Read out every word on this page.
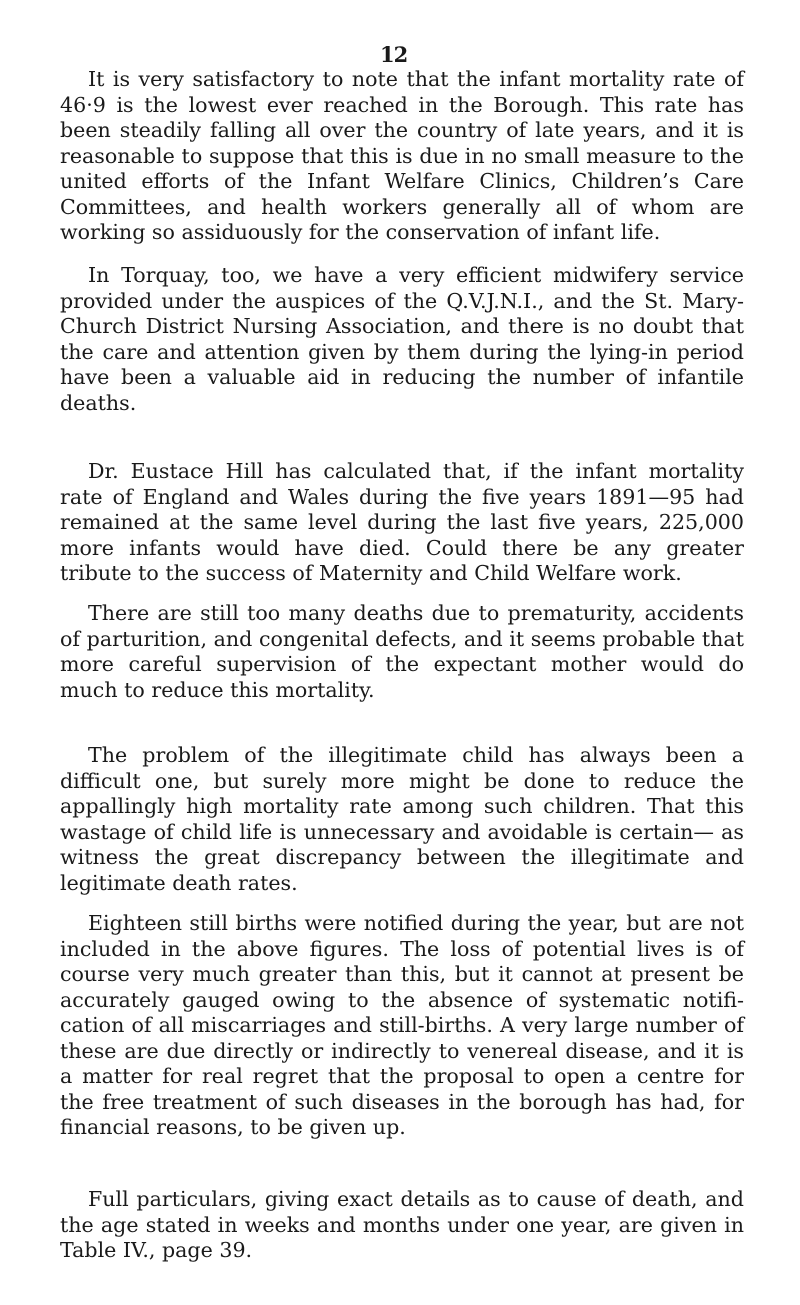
12

It is very satisfactory to note that the infant mortality rate of 46·9 is the lowest ever reached in the Borough. This rate has been steadily falling all over the country of late years, and it is reasonable to suppose that this is due in no small measure to the united efforts of the Infant Welfare Clinics, Children’s Care Committees, and health workers generally all of whom are working so assiduously for the conservation of infant life.

In Torquay, too, we have a very efficient midwifery service provided under the auspices of the Q.V.J.N.I., and the St. Mary-Church District Nursing Association, and there is no doubt that the care and attention given by them during the lying-in period have been a valuable aid in reducing the number of infantile deaths.

Dr. Eustace Hill has calculated that, if the infant mortality rate of England and Wales during the five years 1891—95 had remained at the same level during the last five years, 225,000 more infants would have died. Could there be any greater tribute to the success of Maternity and Child Welfare work.

There are still too many deaths due to prematurity, accidents of parturition, and congenital defects, and it seems probable that more careful supervision of the expectant mother would do much to reduce this mortality.

The problem of the illegitimate child has always been a difficult one, but surely more might be done to reduce the appallingly high mortality rate among such children. That this wastage of child life is unnecessary and avoidable is certain— as witness the great discrepancy between the illegitimate and legitimate death rates.

Eighteen still births were notified during the year, but are not included in the above figures. The loss of potential lives is of course very much greater than this, but it cannot at present be accurately gauged owing to the absence of systematic notifi-cation of all miscarriages and still-births. A very large number of these are due directly or indirectly to venereal disease, and it is a matter for real regret that the proposal to open a centre for the free treatment of such diseases in the borough has had, for financial reasons, to be given up.

Full particulars, giving exact details as to cause of death, and the age stated in weeks and months under one year, are given in Table IV., page 39.
